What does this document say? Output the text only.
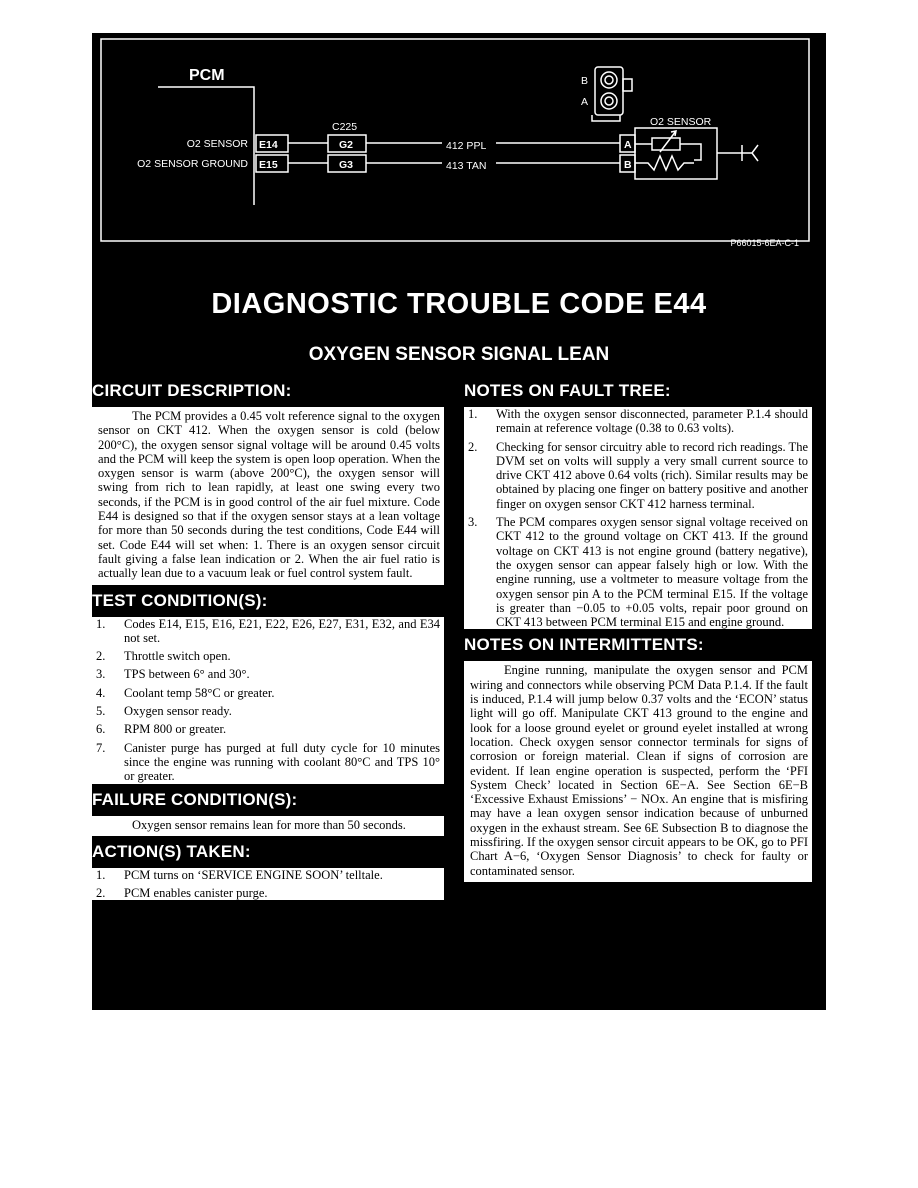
PCM
O2 SENSOR
O2 SENSOR GROUND
C225
412 PPL
413 TAN
O2 SENSOR
B
A
P66015-6EA-C-1
E14
E15
G2
G3
A
B
DIAGNOSTIC TROUBLE CODE E44
OXYGEN SENSOR SIGNAL LEAN
CIRCUIT DESCRIPTION:
The PCM provides a 0.45 volt reference signal to the oxygen sensor on CKT 412. When the oxygen sensor is cold (below 200°C), the oxygen sensor signal voltage will be around 0.45 volts and the PCM will keep the system is open loop operation. When the oxygen sensor is warm (above 200°C), the oxygen sensor will swing from rich to lean rapidly, at least one swing every two seconds, if the PCM is in good control of the air fuel mixture. Code E44 is designed so that if the oxygen sensor stays at a lean voltage for more than 50 seconds during the test conditions, Code E44 will set. Code E44 will set when: 1. There is an oxygen sensor circuit fault giving a false lean indication or 2. When the air fuel ratio is actually lean due to a vacuum leak or fuel control system fault.
TEST CONDITION(S):
1. Codes E14, E15, E16, E21, E22, E26, E27, E31, E32, and E34 not set.
2. Throttle switch open.
3. TPS between 6° and 30°.
4. Coolant temp 58°C or greater.
5. Oxygen sensor ready.
6. RPM 800 or greater.
7. Canister purge has purged at full duty cycle for 10 minutes since the engine was running with coolant 80°C and TPS 10° or greater.
FAILURE CONDITION(S):
Oxygen sensor remains lean for more than 50 seconds.
ACTION(S) TAKEN:
1. PCM turns on ‘SERVICE ENGINE SOON’ telltale.
2. PCM enables canister purge.
NOTES ON FAULT TREE:
1. With the oxygen sensor disconnected, parameter P.1.4 should remain at reference voltage (0.38 to 0.63 volts).
2. Checking for sensor circuitry able to record rich readings. The DVM set on volts will supply a very small current source to drive CKT 412 above 0.64 volts (rich). Similar results may be obtained by placing one finger on battery positive and another finger on oxygen sensor CKT 412 harness terminal.
3. The PCM compares oxygen sensor signal voltage received on CKT 412 to the ground voltage on CKT 413. If the ground voltage on CKT 413 is not engine ground (battery negative), the oxygen sensor can appear falsely high or low. With the engine running, use a voltmeter to measure voltage from the oxygen sensor pin A to the PCM terminal E15. If the voltage is greater than −0.05 to +0.05 volts, repair poor ground on CKT 413 between PCM terminal E15 and engine ground.
NOTES ON INTERMITTENTS:
Engine running, manipulate the oxygen sensor and PCM wiring and connectors while observing PCM Data P.1.4. If the fault is induced, P.1.4 will jump below 0.37 volts and the ‘ECON’ status light will go off. Manipulate CKT 413 ground to the engine and look for a loose ground eyelet or ground eyelet installed at wrong location. Check oxygen sensor connector terminals for signs of corrosion or foreign material. Clean if signs of corrosion are evident. If lean engine operation is suspected, perform the ‘PFI System Check’ located in Section 6E−A. See Section 6E−B ‘Excessive Exhaust Emissions’ − NOx. An engine that is misfiring may have a lean oxygen sensor indication because of unburned oxygen in the exhaust stream. See 6E Subsection B to diagnose the missfiring. If the oxygen sensor circuit appears to be OK, go to PFI Chart A−6, ‘Oxygen Sensor Diagnosis’ to check for faulty or contaminated sensor.
